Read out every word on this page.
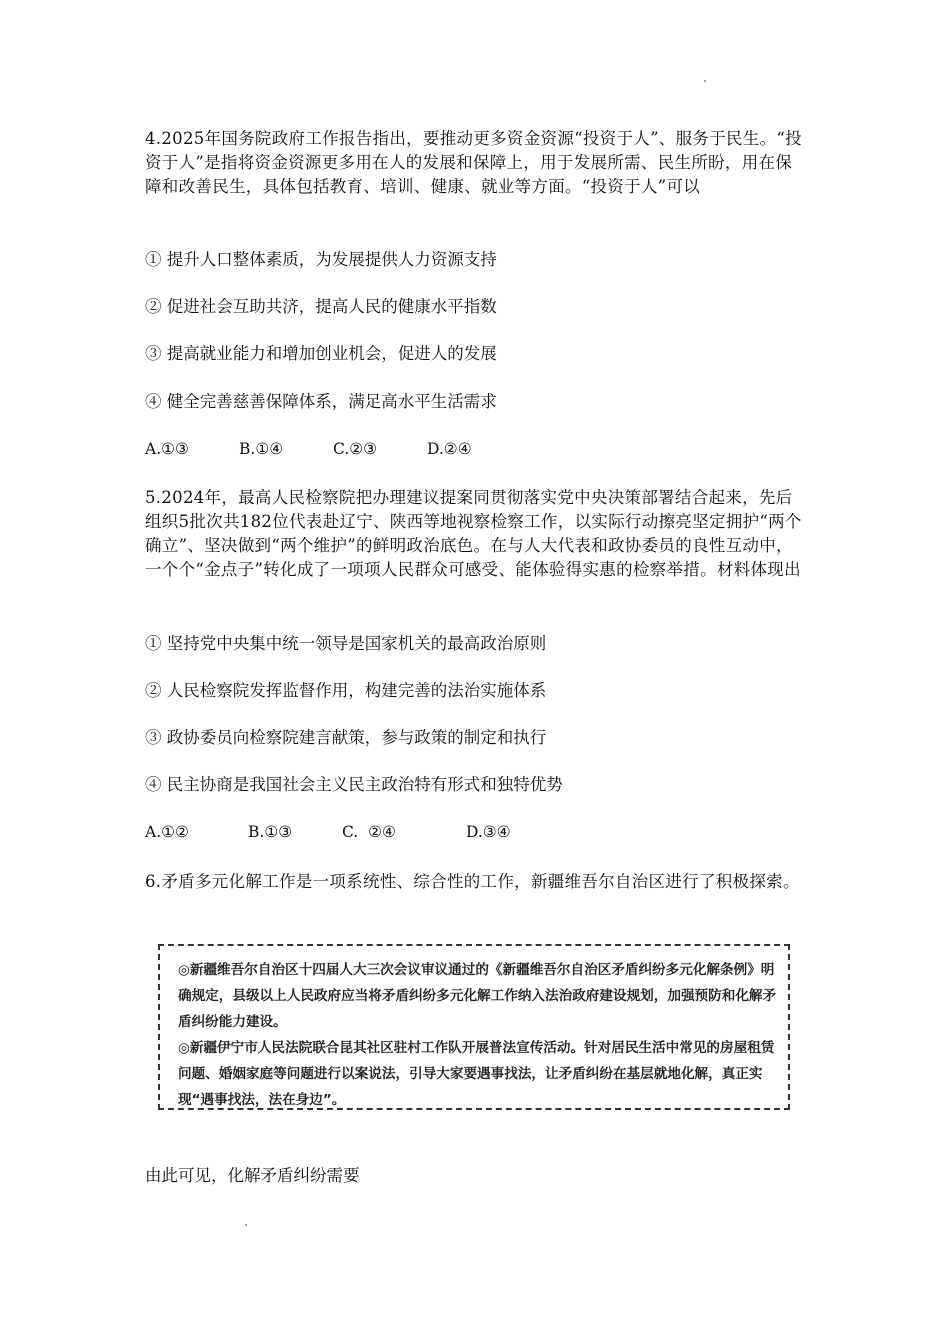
4.2025年国务院政府工作报告指出，要推动更多资金资源“投资于人”、服务于民生。“投资于人”是指将资金资源更多用在人的发展和保障上，用于发展所需、民生所盼，用在保障和改善民生，具体包括教育、培训、健康、就业等方面。“投资于人”可以
① 提升人口整体素质，为发展提供人力资源支持
② 促进社会互助共济，提高人民的健康水平指数
③ 提高就业能力和增加创业机会，促进人的发展
④ 健全完善慈善保障体系，满足高水平生活需求
A.①③	B.①④	C.②③	D.②④
5.2024年，最高人民检察院把办理建议提案同贯彻落实党中央决策部署结合起来，先后组织5批次共182位代表赴辽宁、陕西等地视察检察工作，以实际行动擦亮坚定拥护“两个确立”、坚决做到“两个维护”的鲜明政治底色。在与人大代表和政协委员的良性互动中，一个个“金点子”转化成了一项项人民群众可感受、能体验得实惠的检察举措。材料体现出
① 坚持党中央集中统一领导是国家机关的最高政治原则
② 人民检察院发挥监督作用，构建完善的法治实施体系
③ 政协委员向检察院建言献策，参与政策的制定和执行
④ 民主协商是我国社会主义民主政治特有形式和独特优势
A.①②	B.①③	C.  ②④	D.③④
6.矛盾多元化解工作是一项系统性、综合性的工作，新疆维吾尔自治区进行了积极探索。

◎新疆维吾尔自治区十四届人大三次会议审议通过的《新疆维吾尔自治区矛盾纠纷多元化解条例》明确规定，县级以上人民政府应当将矛盾纠纷多元化解工作纳入法治政府建设规划，加强预防和化解矛盾纠纷能力建设。

◎新疆伊宁市人民法院联合昆其社区驻村工作队开展普法宣传活动。针对居民生活中常见的房屋租赁问题、婚姻家庭等问题进行以案说法，引导大家要遇事找法，让矛盾纠纷在基层就地化解，真正实现“遇事找法，法在身边”。

由此可见，化解矛盾纠纷需要
